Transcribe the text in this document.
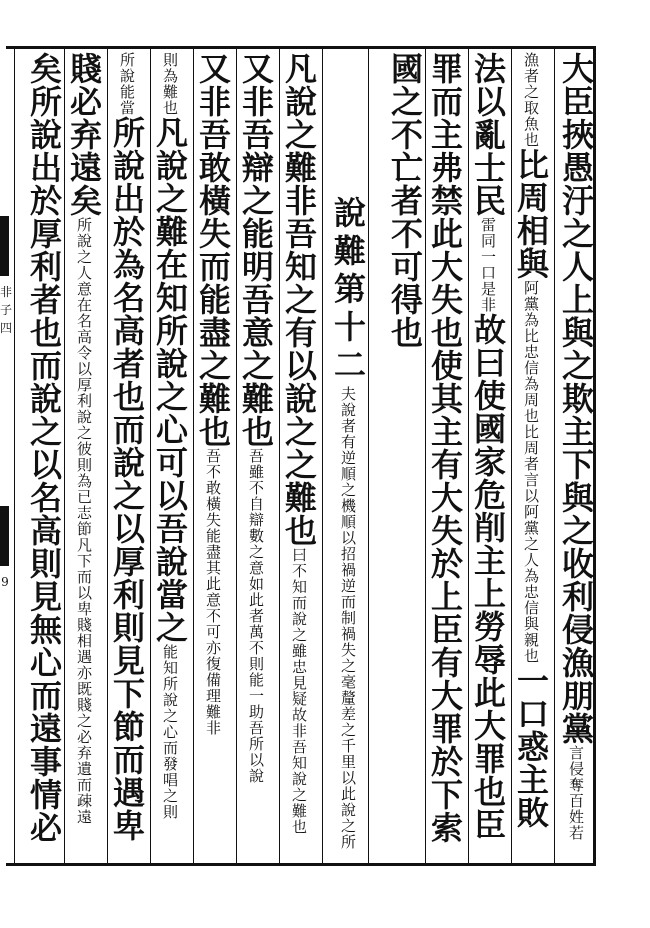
非
子
四
9	大臣挾愚汙之人上與之欺主下與之收利侵漁朋黨言侵奪百姓若
漁者之取魚也比周相與阿黨為比忠信為周也比周者言以阿黨之人為忠信與親也一口惑主敗
法以亂士民雷同一口是非故曰使國家危削主上勞辱此大罪也臣
罪而主弗禁此大失也使其主有大失於上臣有大罪於下索
國之不亡者不可得也
說難第十二夫說者有逆順之機順以招禍逆而制禍失之毫釐差之千里以此說之所
凡說之難非吾知之有以說之之難也曰不知而說之雖忠見疑故非吾知說之難也
又非吾辯之能明吾意之難也吾雖不自辯數之意如此者萬不則能一助吾所以說
又非吾敢橫失而能盡之難也吾不敢橫失能盡其此意不可亦復備理難非
則為難也凡說之難在知所說之心可以吾說當之能知所說之心而發唱之則
所說能當所說出於為名高者也而說之以厚利則見下節而遇卑
賤必弃遠矣所說之人意在名高令以厚利說之彼則為已志節凡下而以卑賤相遇亦既賤之必弃遺而疎遠
矣所說出於厚利者也而說之以名高則見無心而遠事情必
